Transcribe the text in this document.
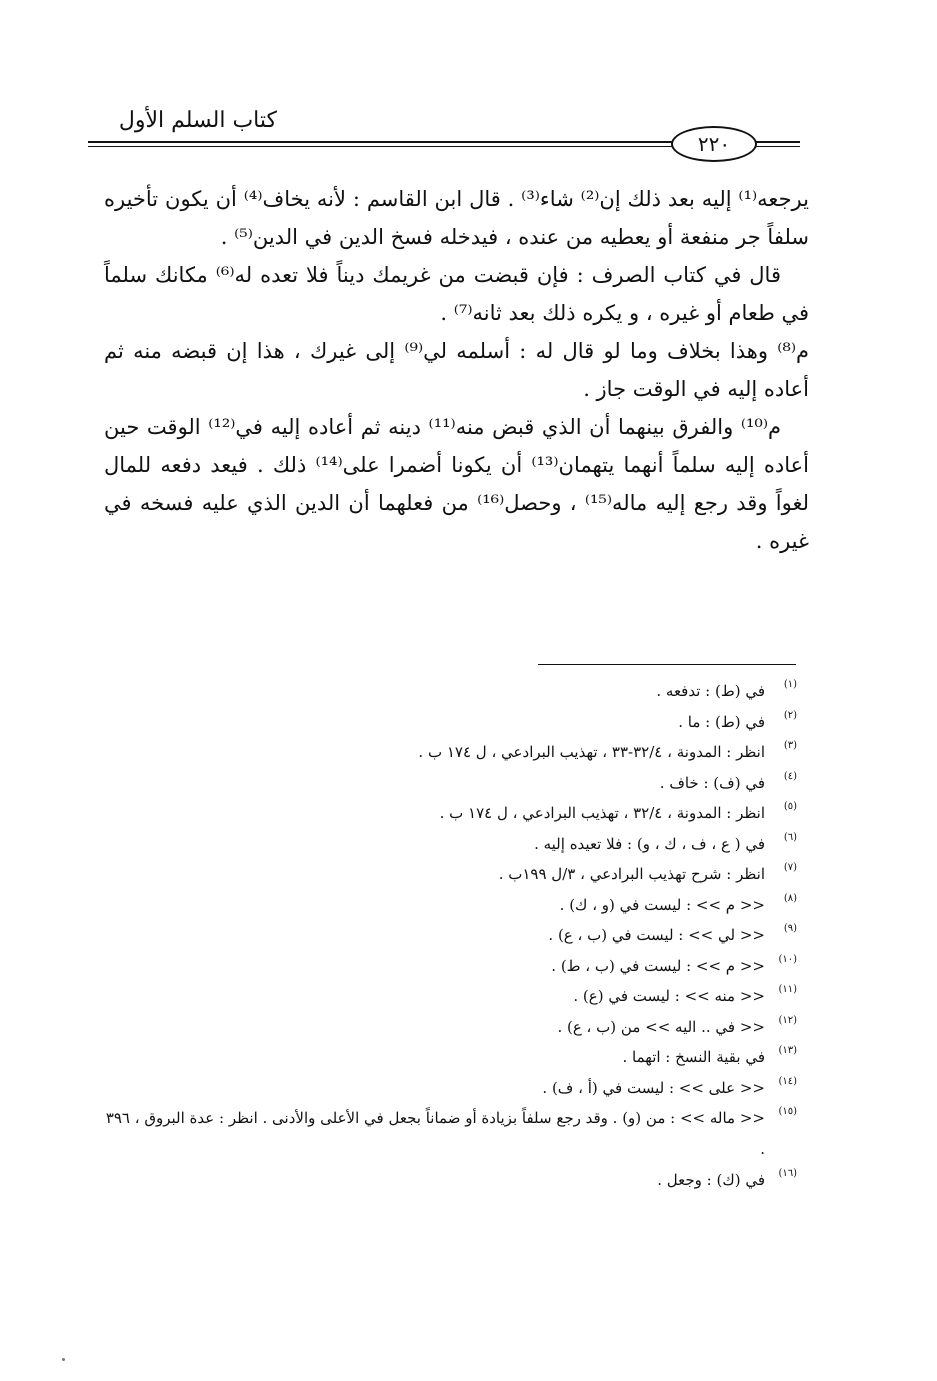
كتاب السلم الأول
٢٢٠

يرجعه⁽¹⁾ إليه بعد ذلك إن⁽²⁾ شاء⁽³⁾ . قال ابن القاسم : لأنه يخاف⁽⁴⁾ أن يكون تأخيره سلفاً جر منفعة أو يعطيه من عنده ، فيدخله فسخ الدين في الدين⁽⁵⁾ .

قال في كتاب الصرف : فإن قبضت من غريمك ديناً فلا تعده له⁽⁶⁾ مكانك سلماً في طعام أو غيره ، و يكره ذلك بعد ثانه⁽⁷⁾ .

م⁽⁸⁾ وهذا بخلاف وما لو قال له : أسلمه لي⁽⁹⁾ إلى غيرك ، هذا إن قبضه منه ثم أعاده إليه في الوقت جاز .

م⁽¹⁰⁾ والفرق بينهما أن الذي قبض منه⁽¹¹⁾ دينه ثم أعاده إليه في⁽¹²⁾ الوقت حين أعاده إليه سلماً أنهما يتهمان⁽¹³⁾ أن يكونا أضمرا على⁽¹⁴⁾ ذلك . فيعد دفعه للمال لغواً وقد رجع إليه ماله⁽¹⁵⁾ ، وحصل⁽¹⁶⁾ من فعلهما أن الدين الذي عليه فسخه في غيره .

(١)
في (ط) : تدفعه .
(٢)
في (ط) : ما .
(٣)
انظر : المدونة ، ٣٢/٤-٣٣ ، تهذيب البرادعي ، ل ١٧٤ ب .
(٤)
في (ف) : خاف .
(٥)
انظر : المدونة ، ٣٢/٤ ، تهذيب البرادعي ، ل ١٧٤ ب .
(٦)
في ( ع ، ف ، ك ، و) : فلا تعيده إليه .
(٧)
انظر : شرح تهذيب البرادعي ، ٣/ل ١٩٩ب .
(٨)
<< م >> : ليست في (و ، ك) .
(٩)
<< لي >> : ليست في (ب ، ع) .
(١٠)
<< م >> : ليست في (ب ، ط) .
(١١)
<< منه >> : ليست في (ع) .
(١٢)
<< في .. اليه >> من (ب ، ع) .
(١٣)
في بقية النسخ : اتهما .
(١٤)
<< على >> : ليست في (أ ، ف) .
(١٥)
<< ماله >> : من (و) . وقد رجع سلفاً بزيادة أو ضماناً بجعل في الأعلى والأدنى . انظر : عدة البروق ، ٣٩٦ .
(١٦)
في (ك) : وجعل .
